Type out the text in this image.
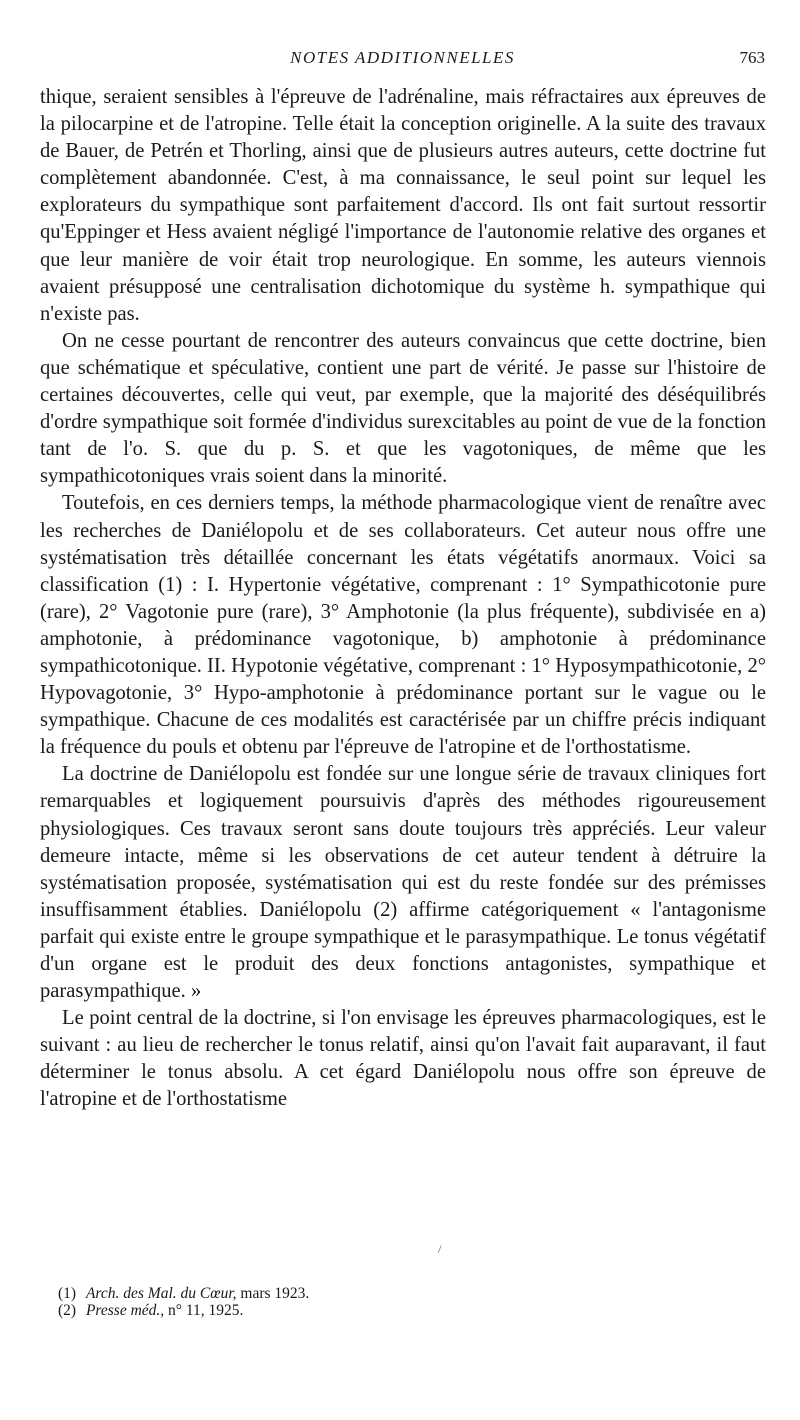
NOTES ADDITIONNELLES	763

thique, seraient sensibles à l'épreuve de l'adrénaline, mais réfractaires aux épreuves de la pilocarpine et de l'atropine. Telle était la conception originelle. A la suite des travaux de Bauer, de Petrén et Thorling, ainsi que de plusieurs autres auteurs, cette doctrine fut complètement abandonnée. C'est, à ma connaissance, le seul point sur lequel les explorateurs du sympathique sont parfaitement d'accord. Ils ont fait surtout ressortir qu'Eppinger et Hess avaient négligé l'importance de l'autonomie relative des organes et que leur manière de voir était trop neurologique. En somme, les auteurs viennois avaient présupposé une centralisation dichotomique du système h. sympathique qui n'existe pas.

On ne cesse pourtant de rencontrer des auteurs convaincus que cette doctrine, bien que schématique et spéculative, contient une part de vérité. Je passe sur l'histoire de certaines découvertes, celle qui veut, par exemple, que la majorité des déséquilibrés d'ordre sympathique soit formée d'individus surexcitables au point de vue de la fonction tant de l'o. S. que du p. S. et que les vagotoniques, de même que les sympathicotoniques vrais soient dans la minorité.

Toutefois, en ces derniers temps, la méthode pharmacologique vient de renaître avec les recherches de Daniélopolu et de ses collaborateurs. Cet auteur nous offre une systématisation très détaillée concernant les états végétatifs anormaux. Voici sa classification (1) : I. Hypertonie végétative, comprenant : 1° Sympathicotonie pure (rare), 2° Vagotonie pure (rare), 3° Amphotonie (la plus fréquente), subdivisée en a) amphotonie, à prédominance vagotonique, b) amphotonie à prédominance sympathicotonique. II. Hypotonie végétative, comprenant : 1° Hyposympathicotonie, 2° Hypovagotonie, 3° Hypo-amphotonie à prédominance portant sur le vague ou le sympathique. Chacune de ces modalités est caractérisée par un chiffre précis indiquant la fréquence du pouls et obtenu par l'épreuve de l'atropine et de l'orthostatisme.

La doctrine de Daniélopolu est fondée sur une longue série de travaux cliniques fort remarquables et logiquement poursuivis d'après des méthodes rigoureusement physiologiques. Ces travaux seront sans doute toujours très appréciés. Leur valeur demeure intacte, même si les observations de cet auteur tendent à détruire la systématisation proposée, systématisation qui est du reste fondée sur des prémisses insuffisamment établies. Daniélopolu (2) affirme catégoriquement « l'antagonisme parfait qui existe entre le groupe sympathique et le parasympathique. Le tonus végétatif d'un organe est le produit des deux fonctions antagonistes, sympathique et parasympathique. »

Le point central de la doctrine, si l'on envisage les épreuves pharmacologiques, est le suivant : au lieu de rechercher le tonus relatif, ainsi qu'on l'avait fait auparavant, il faut déterminer le tonus absolu. A cet égard Daniélopolu nous offre son épreuve de l'atropine et de l'orthostatisme

/
(1) Arch. des Mal. du Cœur, mars 1923.
(2) Presse méd., n° 11, 1925.
